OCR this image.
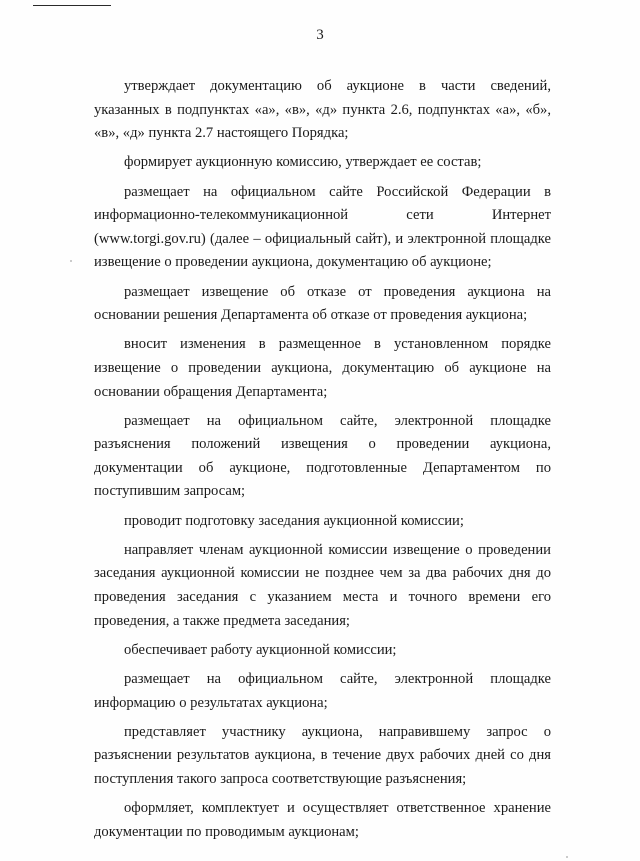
3

утверждает документацию об аукционе в части сведений, указанных в подпунктах «а», «в», «д» пункта 2.6, подпунктах «а», «б», «в», «д» пункта 2.7 настоящего Порядка;

формирует аукционную комиссию, утверждает ее состав;

размещает на официальном сайте Российской Федерации в информационно-телекоммуникационной сети Интернет (www.torgi.gov.ru) (далее – официальный сайт), и электронной площадке извещение о проведении аукциона, документацию об аукционе;

размещает извещение об отказе от проведения аукциона на основании решения Департамента об отказе от проведения аукциона;

вносит изменения в размещенное в установленном порядке извещение о проведении аукциона, документацию об аукционе на основании обращения Департамента;

размещает на официальном сайте, электронной площадке разъяснения положений извещения о проведении аукциона, документации об аукционе, подготовленные Департаментом по поступившим запросам;

проводит подготовку заседания аукционной комиссии;

направляет членам аукционной комиссии извещение о проведении заседания аукционной комиссии не позднее чем за два рабочих дня до проведения заседания с указанием места и точного времени его проведения, а также предмета заседания;

обеспечивает работу аукционной комиссии;

размещает на официальном сайте, электронной площадке информацию о результатах аукциона;

представляет участнику аукциона, направившему запрос о разъяснении результатов аукциона, в течение двух рабочих дней со дня поступления такого запроса соответствующие разъяснения;

оформляет, комплектует и осуществляет ответственное хранение документации по проводимым аукционам;
